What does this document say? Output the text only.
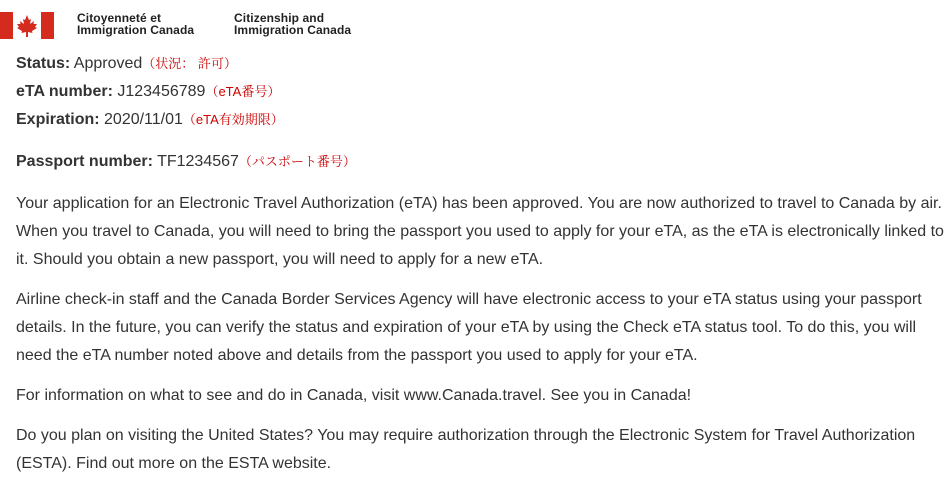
Citoyenneté et
Immigration Canada
Citizenship and
Immigration Canada
Status: Approved（状況： 許可）
eTA number: J123456789（eTA番号）
Expiration: 2020/11/01（eTA有効期限）
Passport number: TF1234567（パスポート番号）

Your application for an Electronic Travel Authorization (eTA) has been approved. You are now authorized to travel to Canada by air. When you travel to Canada, you will need to bring the passport you used to apply for your eTA, as the eTA is electronically linked to it. Should you obtain a new passport, you will need to apply for a new eTA.

Airline check-in staff and the Canada Border Services Agency will have electronic access to your eTA status using your passport details. In the future, you can verify the status and expiration of your eTA by using the Check eTA status tool. To do this, you will need the eTA number noted above and details from the passport you used to apply for your eTA.

For information on what to see and do in Canada, visit www.Canada.travel. See you in Canada!

Do you plan on visiting the United States? You may require authorization through the Electronic System for Travel Authorization (ESTA). Find out more on the ESTA website.
